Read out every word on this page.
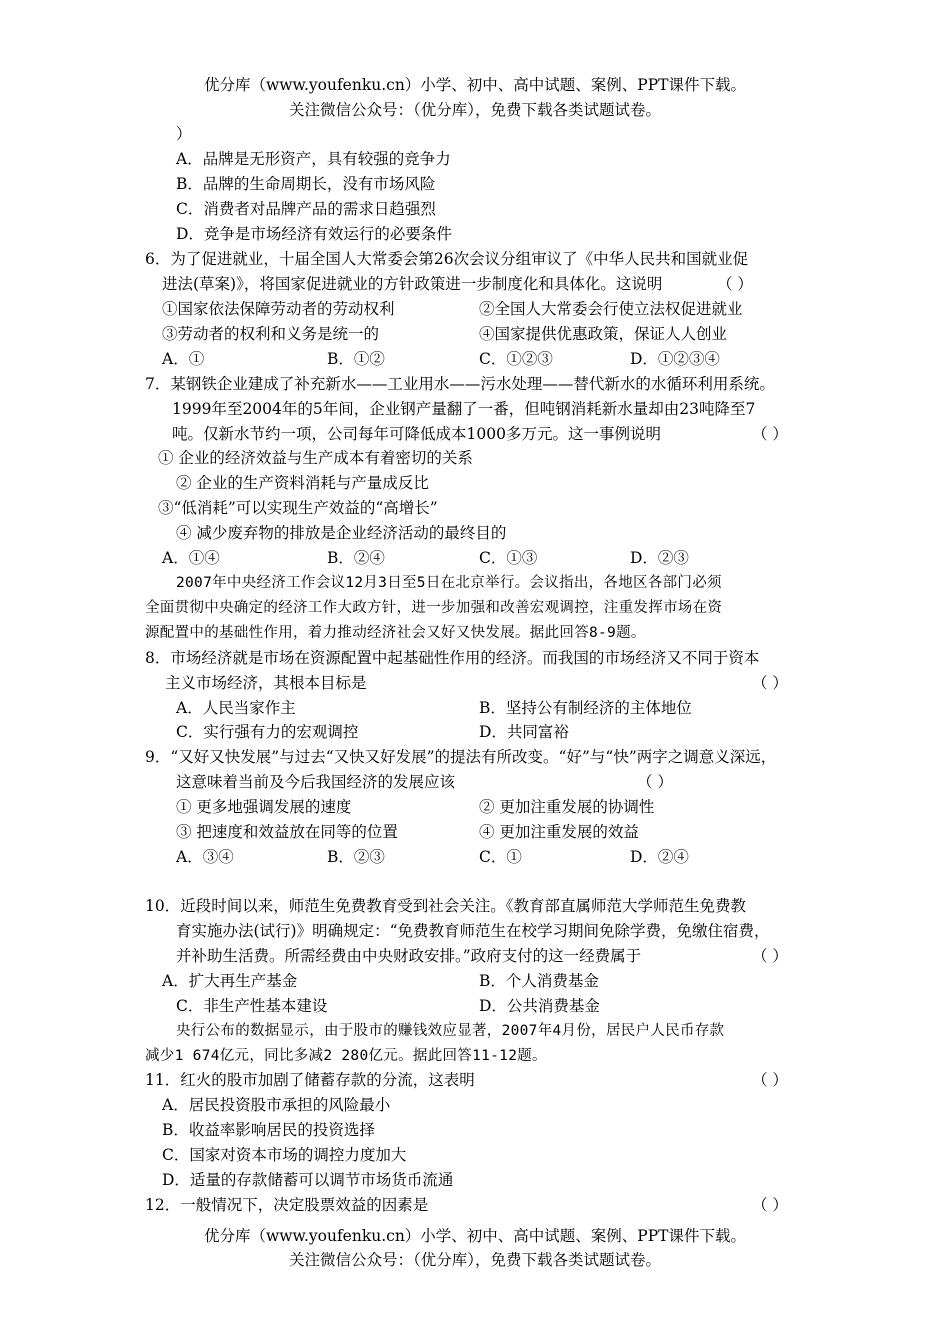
优分库（www.youfenku.cn）小学、初中、高中试题、案例、PPT课件下载。
关注微信公众号：（优分库），免费下载各类试题试卷。
）
A．品牌是无形资产，具有较强的竞争力
B．品牌的生命周期长，没有市场风险
C．消费者对品牌产品的需求日趋强烈
D．竞争是市场经济有效运行的必要条件
6．为了促进就业，十届全国人大常委会第26次会议分组审议了《中华人民共和国就业促
进法(草案)》，将国家促进就业的方针政策进一步制度化和具体化。这说明	（ ）
①国家依法保障劳动者的劳动权利	②全国人大常委会行使立法权促进就业
③劳动者的权利和义务是统一的	④国家提供优惠政策，保证人人创业
A．①	B．①②	C．①②③	D．①②③④
7．某钢铁企业建成了补充新水——工业用水——污水处理——替代新水的水循环利用系统。
1999年至2004年的5年间，企业钢产量翻了一番，但吨钢消耗新水量却由23吨降至7
吨。仅新水节约一项，公司每年可降低成本1000多万元。这一事例说明	（ ）
① 企业的经济效益与生产成本有着密切的关系
② 企业的生产资料消耗与产量成反比
③“低消耗”可以实现生产效益的“高增长”
④ 减少废弃物的排放是企业经济活动的最终目的
A．①④	B．②④	C．①③	D．②③
2007年中央经济工作会议12月3日至5日在北京举行。会议指出，各地区各部门必须
全面贯彻中央确定的经济工作大政方针，进一步加强和改善宏观调控，注重发挥市场在资
源配置中的基础性作用，着力推动经济社会又好又快发展。据此回答8-9题。
8．市场经济就是市场在资源配置中起基础性作用的经济。而我国的市场经济又不同于资本
主义市场经济，其根本目标是	（ ）
A．人民当家作主	B．坚持公有制经济的主体地位
C．实行强有力的宏观调控	D．共同富裕
9．“又好又快发展”与过去“又快又好发展”的提法有所改变。“好”与“快”两字之调意义深远，
这意味着当前及今后我国经济的发展应该	（ ）
① 更多地强调发展的速度	② 更加注重发展的协调性
③ 把速度和效益放在同等的位置	④ 更加注重发展的效益
A．③④	B．②③	C．①	D．②④
10．近段时间以来，师范生免费教育受到社会关注。《教育部直属师范大学师范生免费教
育实施办法(试行)》明确规定：“免费教育师范生在校学习期间免除学费，免缴住宿费，
并补助生活费。所需经费由中央财政安排。”政府支付的这一经费属于	（ ）
A．扩大再生产基金	B．个人消费基金
C．非生产性基本建设	D．公共消费基金
央行公布的数据显示，由于股市的赚钱效应显著，2007年4月份，居民户人民币存款
减少1 674亿元，同比多减2 280亿元。据此回答11-12题。
11．红火的股市加剧了储蓄存款的分流，这表明	（ ）
A．居民投资股市承担的风险最小
B．收益率影响居民的投资选择
C．国家对资本市场的调控力度加大
D．适量的存款储蓄可以调节市场货币流通
12．一般情况下，决定股票效益的因素是	（ ）
优分库（www.youfenku.cn）小学、初中、高中试题、案例、PPT课件下载。
关注微信公众号：（优分库），免费下载各类试题试卷。
